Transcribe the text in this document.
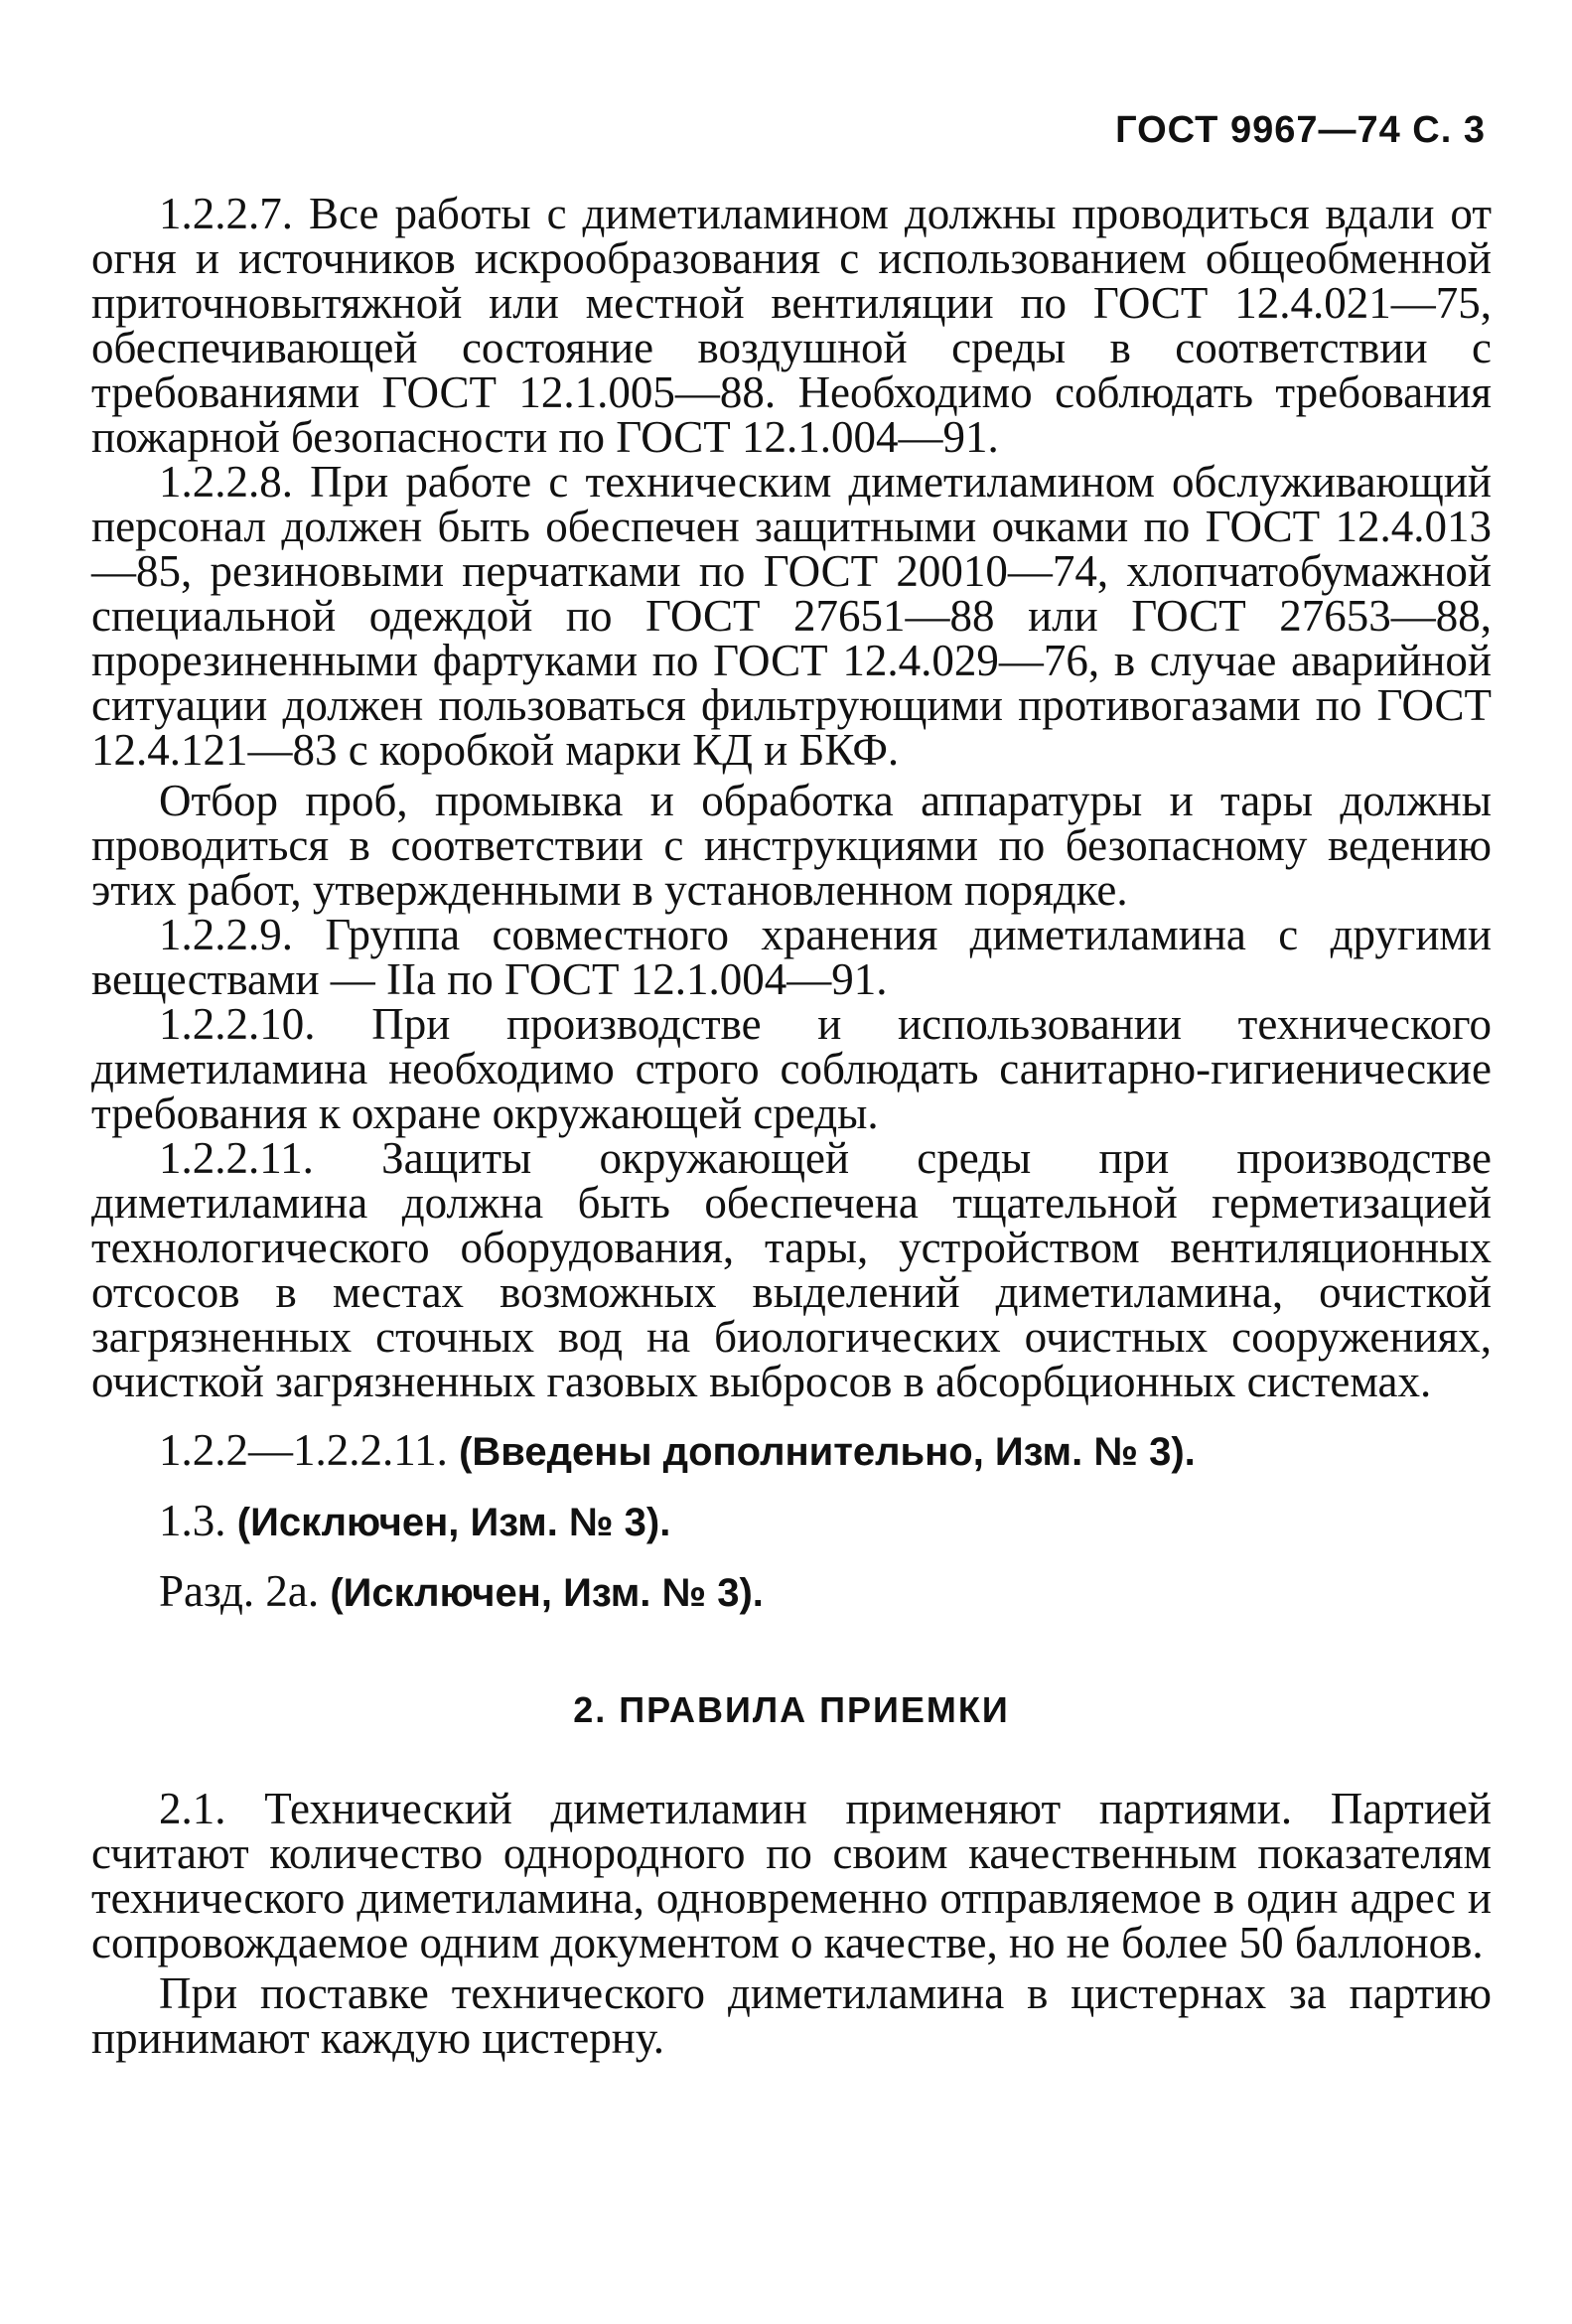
ГОСТ 9967—74 С. 3

1.2.2.7. Все работы с диметиламином должны проводиться вдали от огня и источников искрообразования с использованием общеобменной приточновытяжной или местной вентиляции по ГОСТ 12.4.021—75, обеспечивающей состояние воздушной среды в соответствии с требованиями ГОСТ 12.1.005—88. Необходимо соблюдать требования пожарной безопасности по ГОСТ 12.1.004—91.

1.2.2.8. При работе с техническим диметиламином обслуживающий персонал должен быть обеспечен защитными очками по ГОСТ 12.4.013—85, резиновыми перчатками по ГОСТ 20010—74, хлопчатобумажной специальной одеждой по ГОСТ 27651—88 или ГОСТ 27653—88, прорезиненными фартуками по ГОСТ 12.4.029—76, в случае аварийной ситуации должен пользоваться фильтрующими противогазами по ГОСТ 12.4.121—83 с коробкой марки КД и БКФ.

Отбор проб, промывка и обработка аппаратуры и тары должны проводиться в соответствии с инструкциями по безопасному ведению этих работ, утвержденными в установленном порядке.

1.2.2.9. Группа совместного хранения диметиламина с другими веществами — IIа по ГОСТ 12.1.004—91.

1.2.2.10. При производстве и использовании технического диметиламина необходимо строго соблюдать санитарно-гигиенические требования к охране окружающей среды.

1.2.2.11. Защиты окружающей среды при производстве диметиламина должна быть обеспечена тщательной герметизацией технологического оборудования, тары, устройством вентиляционных отсосов в местах возможных выделений диметиламина, очисткой загрязненных сточных вод на биологических очистных сооружениях, очисткой загрязненных газовых выбросов в абсорбционных системах.

1.2.2—1.2.2.11. (Введены дополнительно, Изм. № 3).

1.3. (Исключен, Изм. № 3).

Разд. 2а. (Исключен, Изм. № 3).

2. ПРАВИЛА ПРИЕМКИ

2.1. Технический диметиламин применяют партиями. Партией считают количество однородного по своим качественным показателям технического диметиламина, одновременно отправляемое в один адрес и сопровождаемое одним документом о качестве, но не более 50 баллонов.

При поставке технического диметиламина в цистернах за партию принимают каждую цистерну.
